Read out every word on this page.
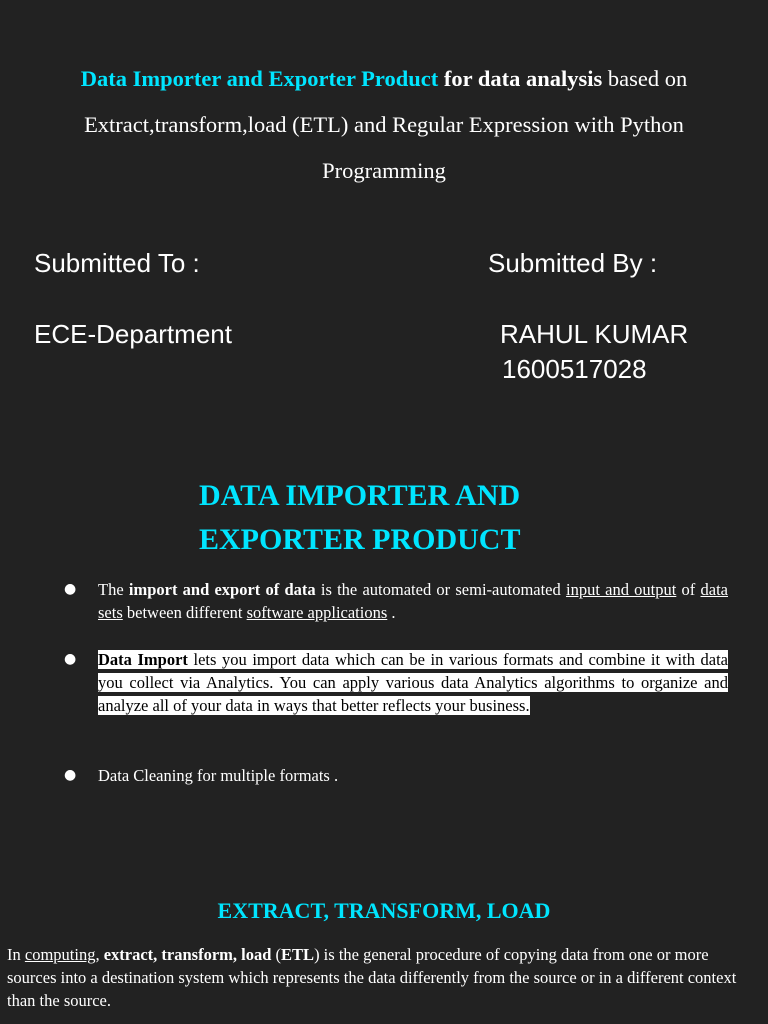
Data Importer and Exporter Product for data analysis based on
Extract,transform,load (ETL) and Regular Expression with Python
Programming
Submitted To :	Submitted By :
ECE-Department	RAHUL KUMAR
1600517028
DATA IMPORTER AND
EXPORTER PRODUCT
● The import and export of data is the automated or semi-automated input and output of data sets between different software applications .
● Data Import lets you import data which can be in various formats and combine it with data you collect via Analytics. You can apply various data Analytics algorithms to organize and analyze all of your data in ways that better reflects your business.
● Data Cleaning for multiple formats .
EXTRACT, TRANSFORM, LOAD
In computing, extract, transform, load (ETL) is the general procedure of copying data from one or more sources into a destination system which represents the data differently from the source or in a different context than the source.
